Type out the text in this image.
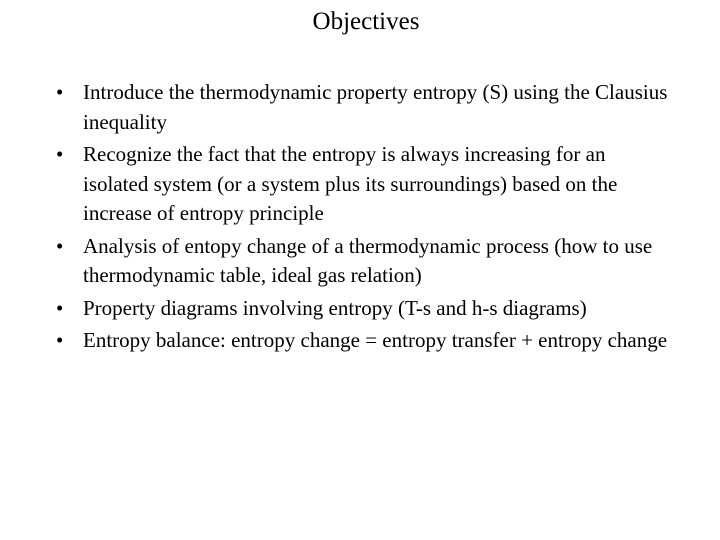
Objectives
• Introduce the thermodynamic property entropy (S) using the Clausius inequality
• Recognize the fact that the entropy is always increasing for an isolated system (or a system plus its surroundings) based on the increase of entropy principle
• Analysis of entopy change of a thermodynamic process (how to use thermodynamic table, ideal gas relation)
• Property diagrams involving entropy (T-s and h-s diagrams)
• Entropy balance: entropy change = entropy transfer + entropy change
